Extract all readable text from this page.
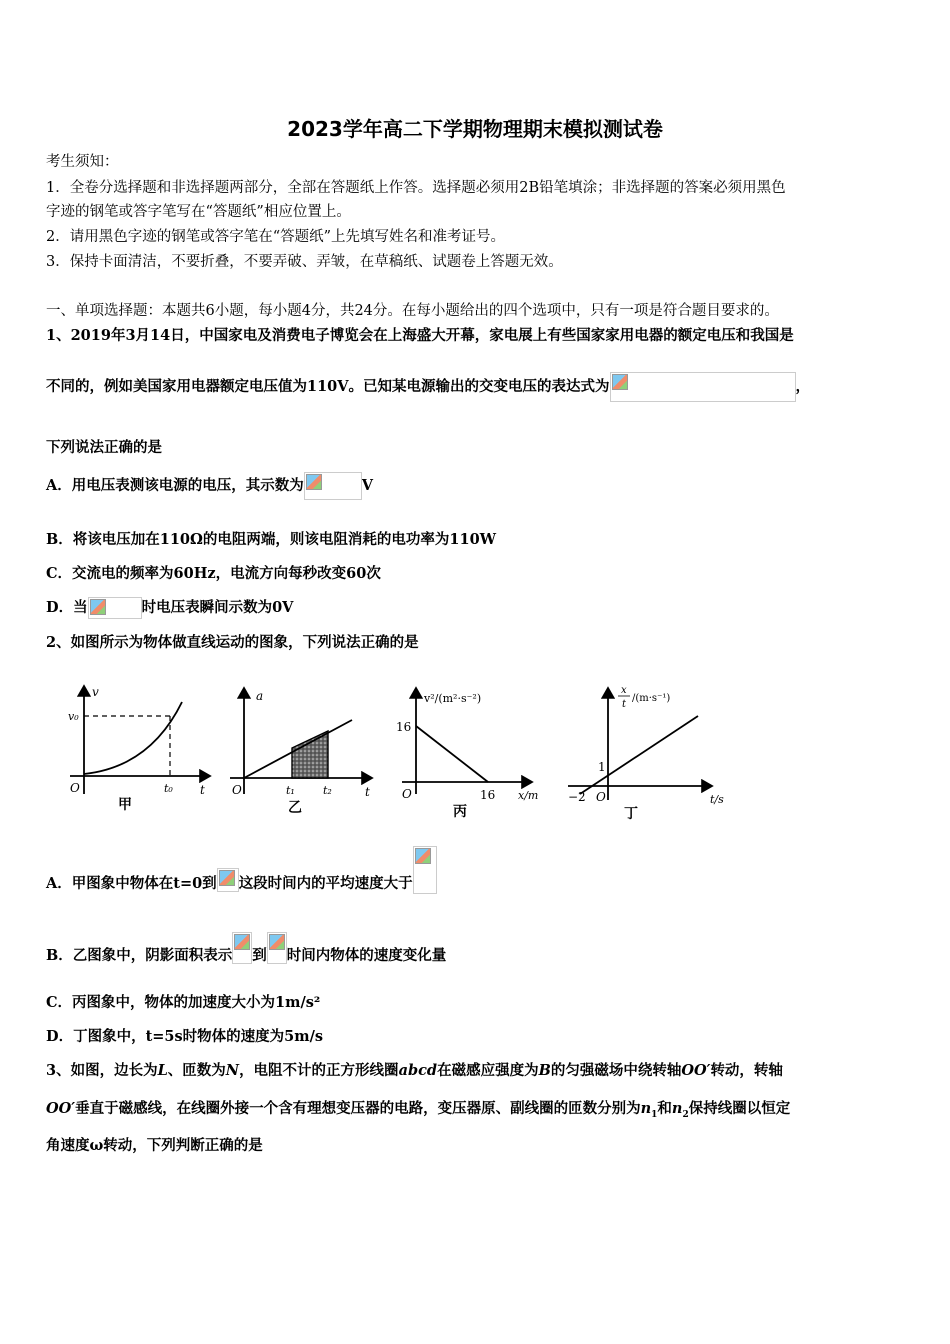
2023学年高二下学期物理期末模拟测试卷
考生须知：
1．全卷分选择题和非选择题两部分，全部在答题纸上作答。选择题必须用2B铅笔填涂；非选择题的答案必须用黑色
字迹的钢笔或答字笔写在“答题纸”相应位置上。
2．请用黑色字迹的钢笔或答字笔在“答题纸”上先填写姓名和准考证号。
3．保持卡面清洁，不要折叠，不要弄破、弄皱，在草稿纸、试题卷上答题无效。
一、单项选择题：本题共6小题，每小题4分，共24分。在每小题给出的四个选项中，只有一项是符合题目要求的。
1、2019年3月14日，中国家电及消费电子博览会在上海盛大开幕，家电展上有些国家家用电器的额定电压和我国是
不同的，例如美国家用电器额定电压值为110V。已知某电源输出的交变电压的表达式为	，
下列说法正确的是
A．用电压表测该电源的电压，其示数为	V
B．将该电压加在110Ω的电阻两端，则该电阻消耗的电功率为110W
C．交流电的频率为60Hz，电流方向每秒改变60次
D．当	时电压表瞬间示数为0V
2、如图所示为物体做直线运动的图象，下列说法正确的是
v
v₀
t₀ t
O
甲
a
t₁	t₂	t
O
乙
v²/(m²·s⁻²)
16
16 x/m
O
丙
x
t
/(m·s⁻¹)
1
−2 O	t/s
丁
A．甲图象中物体在t=0到 这段时间内的平均速度大于
B．乙图象中，阴影面积表示 到 时间内物体的速度变化量
C．丙图象中，物体的加速度大小为1m/s²
D．丁图象中，t=5s时物体的速度为5m/s
3、如图，边长为L、匝数为N，电阻不计的正方形线圈abcd在磁感应强度为B的匀强磁场中绕转轴OO′转动，转轴
OO′垂直于磁感线，在线圈外接一个含有理想变压器的电路，变压器原、副线圈的匝数分别为$n_1$和$n_2$保持线圈以恒定
角速度ω转动，下列判断正确的是
